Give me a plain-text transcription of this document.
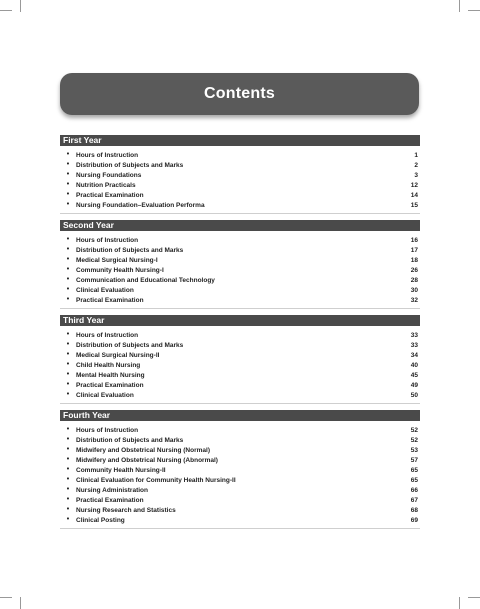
Contents
First Year
•	Hours of Instruction	1
•	Distribution of Subjects and Marks	2
•	Nursing Foundations	3
•	Nutrition Practicals	12
•	Practical Examination	14
•	Nursing Foundation–Evaluation Performa	15
Second Year
•	Hours of Instruction	16
•	Distribution of Subjects and Marks	17
•	Medical Surgical Nursing-I	18
•	Community Health Nursing-I	26
•	Communication and Educational Technology	28
•	Clinical Evaluation	30
•	Practical Examination	32
Third Year
•	Hours of Instruction	33
•	Distribution of Subjects and Marks	33
•	Medical Surgical Nursing-II	34
•	Child Health Nursing	40
•	Mental Health Nursing	45
•	Practical Examination	49
•	Clinical Evaluation	50
Fourth Year
•	Hours of Instruction	52
•	Distribution of Subjects and Marks	52
•	Midwifery and Obstetrical Nursing (Normal)	53
•	Midwifery and Obstetrical Nursing (Abnormal)	57
•	Community Health Nursing-II	65
•	Clinical Evaluation for Community Health Nursing-II	65
•	Nursing Administration	66
•	Practical Examination	67
•	Nursing Research and Statistics	68
•	Clinical Posting	69
